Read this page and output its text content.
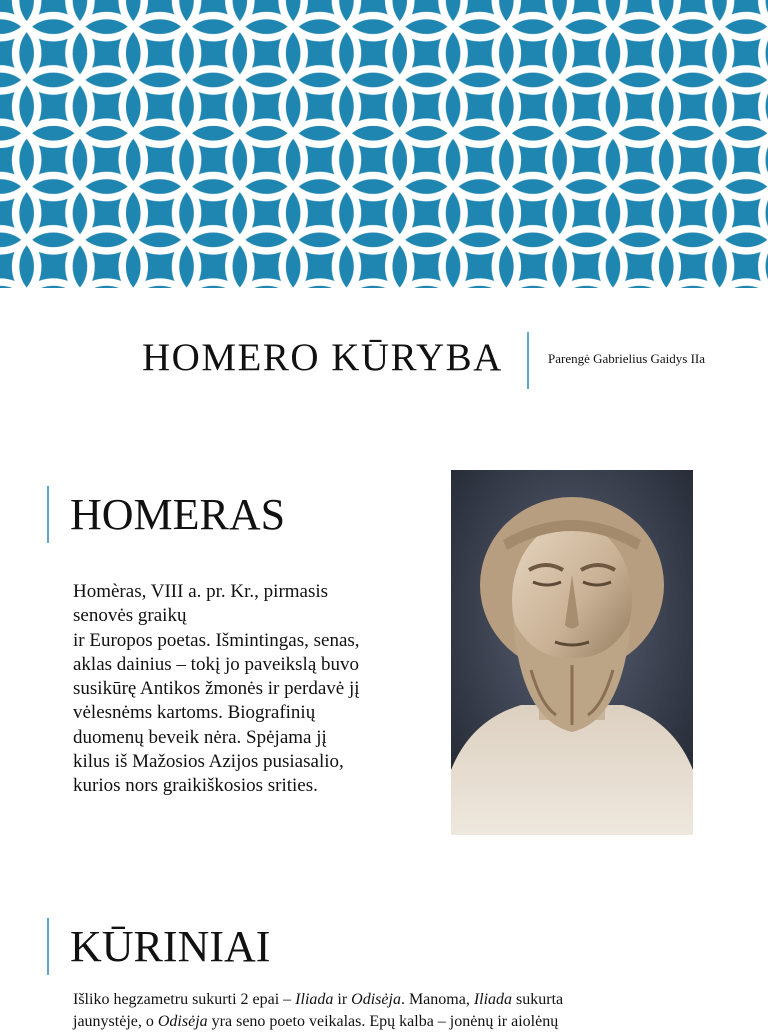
HOMERO KŪRYBA	Parengė Gabrielius Gaidys IIa
HOMERAS

Homèras, VIII a. pr. Kr., pirmasis

senovės graikų

ir Europos poetas. Išmintingas, senas,

aklas dainius – tokį jo paveikslą buvo

susikūrę Antikos žmonės ir perdavė jį

vėlesnėms kartoms. Biografinių

duomenų beveik nėra. Spėjama jį

kilus iš Mažosios Azijos pusiasalio,

kurios nors graikiškosios srities.

KŪRINIAI

Išliko hegzametru sukurti 2 epai – Iliada ir Odisėja. Manoma, Iliada sukurta

jaunystėje, o Odisėja yra seno poeto veikalas. Epų kalba – jonėnų ir aiolėnų
